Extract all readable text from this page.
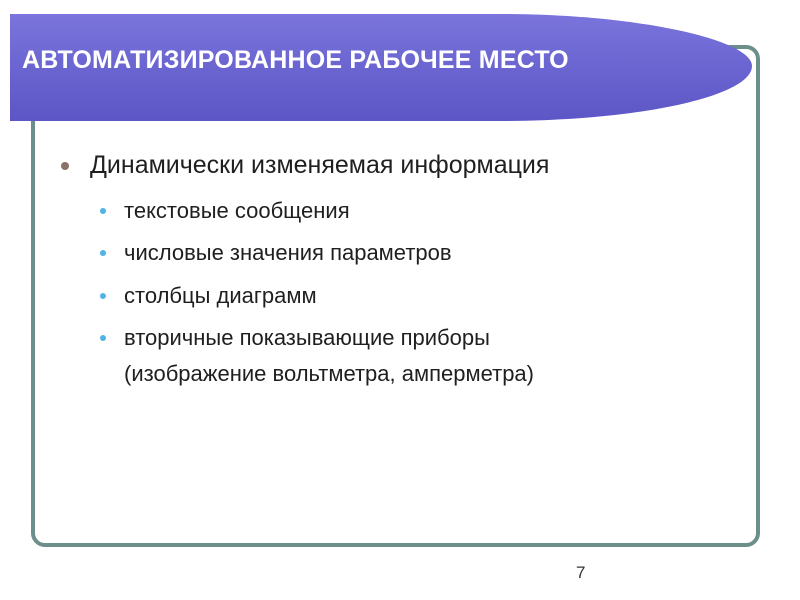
АВТОМАТИЗИРОВАННОЕ РАБОЧЕЕ МЕСТО
Динамически изменяемая информация
текстовые сообщения
числовые значения параметров
столбцы диаграмм
вторичные показывающие приборы
(изображение вольтметра, амперметра)
7
